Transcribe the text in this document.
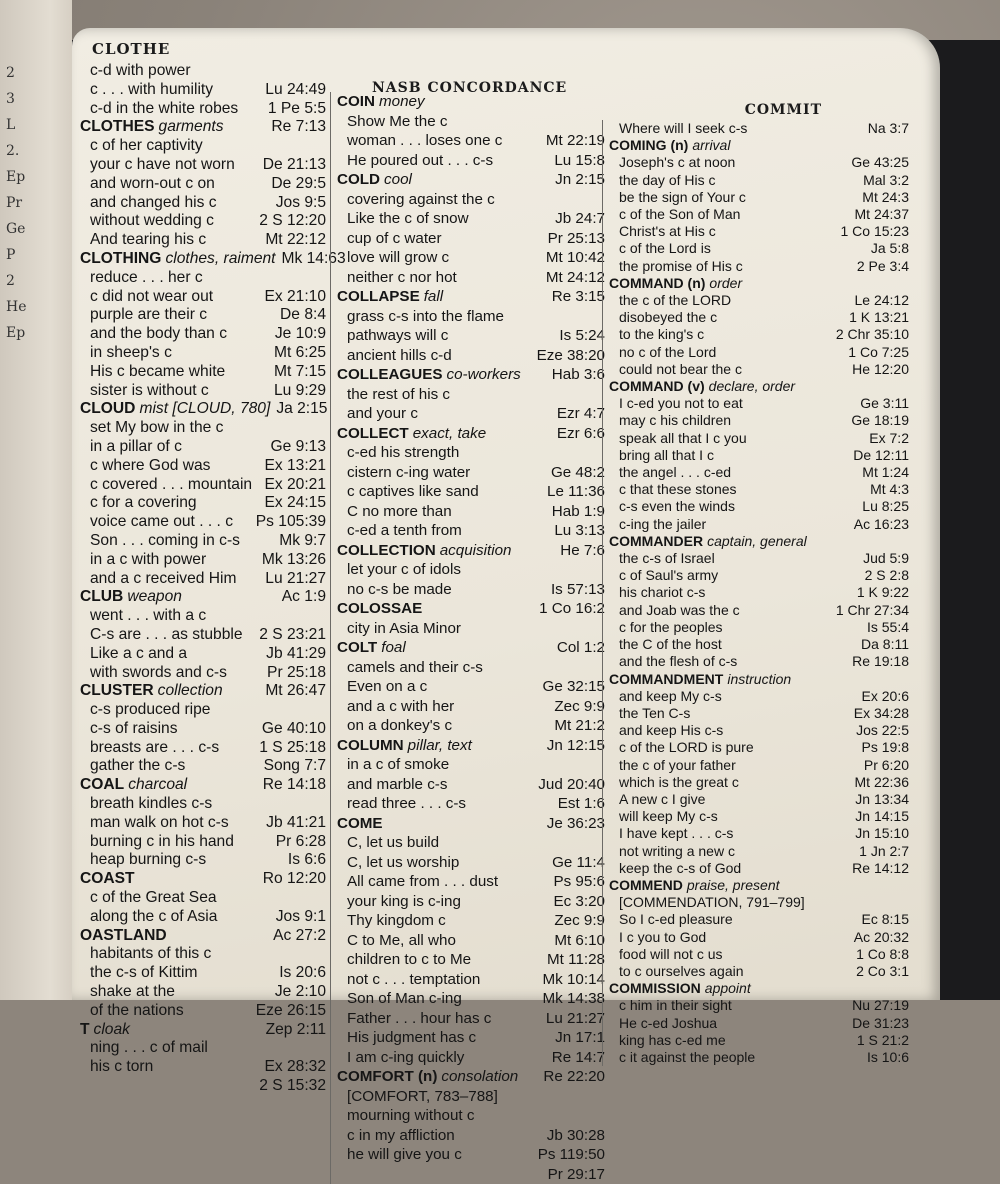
2
3
L
2.
Ep
Pr
Ge
P
2
He
Ep
CLOTHE
NASB CONCORDANCE
COMMIT
c-d with power
c . . . with humility	Lu 24:49
c-d in the white robes	1 Pe 5:5
CLOTHES garments	Re 7:13
c of her captivity
your c have not worn	De 21:13
and worn-out c on	De 29:5
and changed his c	Jos 9:5
without wedding c	2 S 12:20
And tearing his c	Mt 22:12
CLOTHING clothes, raiment Mk 14:63
reduce . . . her c
c did not wear out	Ex 21:10
purple are their c	De 8:4
and the body than c	Je 10:9
in sheep's c	Mt 6:25
His c became white	Mt 7:15
sister is without c	Lu 9:29
CLOUD mist [CLOUD, 780] Ja 2:15
set My bow in the c
in a pillar of c	Ge 9:13
c where God was	Ex 13:21
c covered . . . mountain Ex 20:21
c for a covering	Ex 24:15
voice came out . . . c	Ps 105:39
Son . . . coming in c-s	Mk 9:7
in a c with power	Mk 13:26
and a c received Him	Lu 21:27
CLUB weapon	Ac 1:9
went . . . with a c
C-s are . . . as stubble	2 S 23:21
Like a c and a	Jb 41:29
with swords and c-s	Pr 25:18
CLUSTER collection	Mt 26:47
c-s produced ripe
c-s of raisins	Ge 40:10
breasts are . . . c-s	1 S 25:18
gather the c-s	Song 7:7
COAL charcoal	Re 14:18
breath kindles c-s
man walk on hot c-s	Jb 41:21
burning c in his hand	Pr 6:28
heap burning c-s	Is 6:6
COAST	Ro 12:20
c of the Great Sea
along the c of Asia	Jos 9:1
OASTLAND	Ac 27:2
habitants of this c
the c-s of Kittim	Is 20:6
shake at the	Je 2:10
of the nations	Eze 26:15
T cloak	Zep 2:11
ning . . . c of mail
his c torn	Ex 28:32
2 S 15:32
COIN money
Show Me the c
woman . . . loses one c	Mt 22:19
He poured out . . . c-s	Lu 15:8
COLD cool	Jn 2:15
covering against the c
Like the c of snow	Jb 24:7
cup of c water	Pr 25:13
love will grow c	Mt 10:42
neither c nor hot	Mt 24:12
COLLAPSE fall	Re 3:15
grass c-s into the flame
pathways will c	Is 5:24
ancient hills c-d	Eze 38:20
COLLEAGUES co-workers	Hab 3:6
the rest of his c
and your c	Ezr 4:7
COLLECT exact, take	Ezr 6:6
c-ed his strength
cistern c-ing water	Ge 48:2
c captives like sand	Le 11:36
C no more than	Hab 1:9
c-ed a tenth from	Lu 3:13
COLLECTION acquisition	He 7:6
let your c of idols
no c-s be made	Is 57:13
COLOSSAE	1 Co 16:2
city in Asia Minor
COLT foal	Col 1:2
camels and their c-s
Even on a c	Ge 32:15
and a c with her	Zec 9:9
on a donkey's c	Mt 21:2
COLUMN pillar, text	Jn 12:15
in a c of smoke
and marble c-s	Jud 20:40
read three . . . c-s	Est 1:6
COME	Je 36:23
C, let us build
C, let us worship	Ge 11:4
All came from . . . dust	Ps 95:6
your king is c-ing	Ec 3:20
Thy kingdom c	Zec 9:9
C to Me, all who	Mt 6:10
children to c to Me	Mt 11:28
not c . . . temptation	Mk 10:14
Son of Man c-ing	Mk 14:38
Father . . . hour has c	Lu 21:27
His judgment has c	Jn 17:1
I am c-ing quickly	Re 14:7
COMFORT (n) consolation	Re 22:20
[COMFORT, 783–788]
mourning without c
c in my affliction	Jb 30:28
he will give you c	Ps 119:50
Pr 29:17
Where will I seek c-s	Na 3:7
COMING (n) arrival
Joseph's c at noon	Ge 43:25
the day of His c	Mal 3:2
be the sign of Your c	Mt 24:3
c of the Son of Man	Mt 24:37
Christ's at His c	1 Co 15:23
c of the Lord is	Ja 5:8
the promise of His c	2 Pe 3:4
COMMAND (n) order
the c of the LORD	Le 24:12
disobeyed the c	1 K 13:21
to the king's c	2 Chr 35:10
no c of the Lord	1 Co 7:25
could not bear the c	He 12:20
COMMAND (v) declare, order
I c-ed you not to eat	Ge 3:11
may c his children	Ge 18:19
speak all that I c you	Ex 7:2
bring all that I c	De 12:11
the angel . . . c-ed	Mt 1:24
c that these stones	Mt 4:3
c-s even the winds	Lu 8:25
c-ing the jailer	Ac 16:23
COMMANDER captain, general
the c-s of Israel	Jud 5:9
c of Saul's army	2 S 2:8
his chariot c-s	1 K 9:22
and Joab was the c	1 Chr 27:34
c for the peoples	Is 55:4
the C of the host	Da 8:11
and the flesh of c-s	Re 19:18
COMMANDMENT instruction
and keep My c-s	Ex 20:6
the Ten C-s	Ex 34:28
and keep His c-s	Jos 22:5
c of the LORD is pure	Ps 19:8
the c of your father	Pr 6:20
which is the great c	Mt 22:36
A new c I give	Jn 13:34
will keep My c-s	Jn 14:15
I have kept . . . c-s	Jn 15:10
not writing a new c	1 Jn 2:7
keep the c-s of God	Re 14:12
COMMEND praise, present
[COMMENDATION, 791–799]
So I c-ed pleasure	Ec 8:15
I c you to God	Ac 20:32
food will not c us	1 Co 8:8
to c ourselves again	2 Co 3:1
COMMISSION appoint
c him in their sight	Nu 27:19
He c-ed Joshua	De 31:23
king has c-ed me	1 S 21:2
c it against the people	Is 10:6
